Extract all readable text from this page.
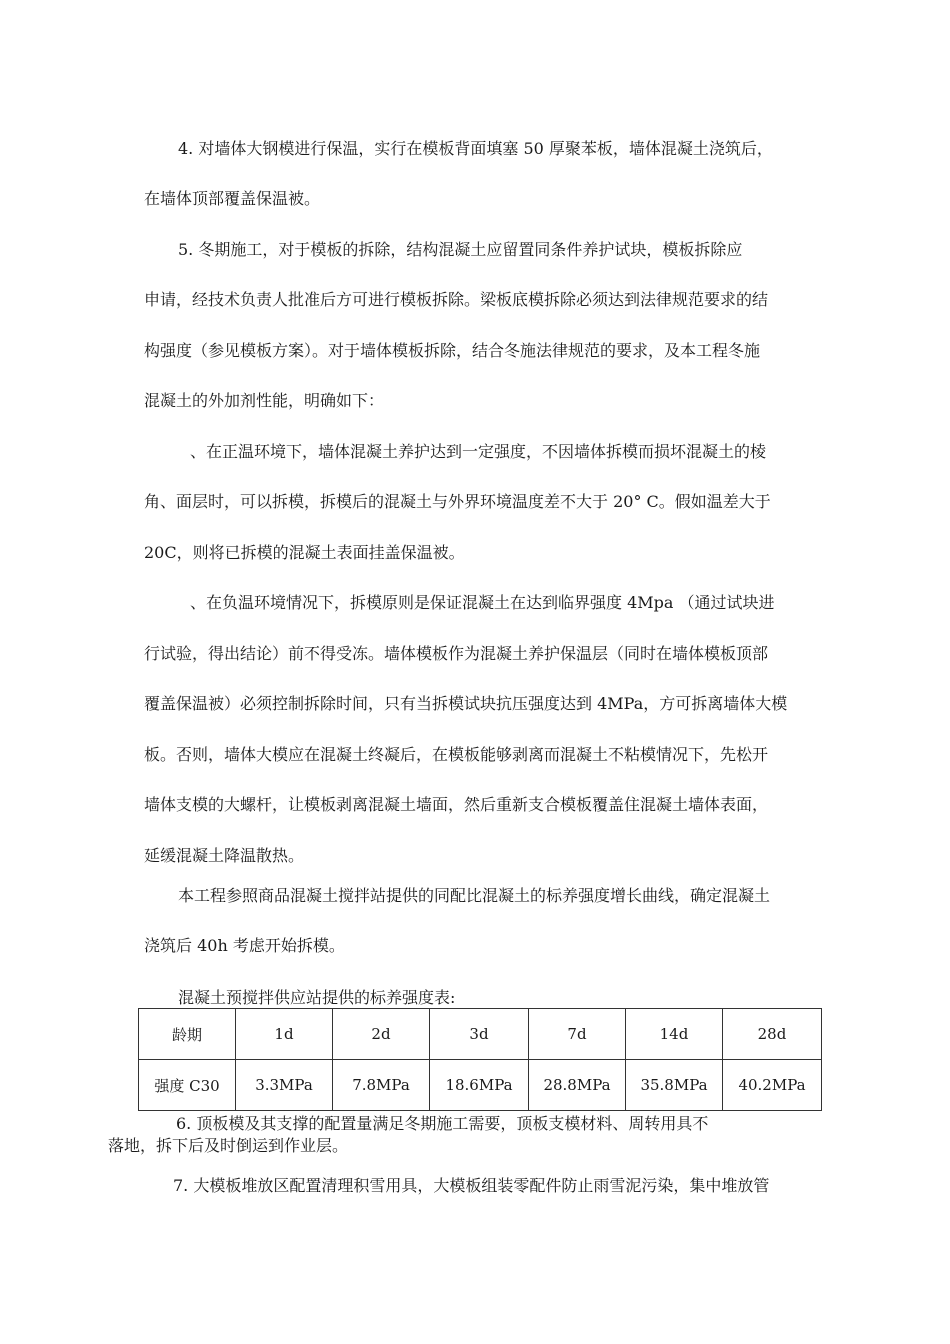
4. 对墙体大钢模进行保温，实行在模板背面填塞 50 厚聚苯板，墙体混凝土浇筑后，
在墙体顶部覆盖保温被。
5. 冬期施工，对于模板的拆除，结构混凝土应留置同条件养护试块，模板拆除应
申请，经技术负责人批准后方可进行模板拆除。梁板底模拆除必须达到法律规范要求的结
构强度（参见模板方案）。对于墙体模板拆除，结合冬施法律规范的要求，及本工程冬施
混凝土的外加剂性能，明确如下：
、在正温环境下，墙体混凝土养护达到一定强度，不因墙体拆模而损坏混凝土的棱
角、面层时，可以拆模，拆模后的混凝土与外界环境温度差不大于 20° C。假如温差大于
20C，则将已拆模的混凝土表面挂盖保温被。
、在负温环境情况下，拆模原则是保证混凝土在达到临界强度 4Mpa （通过试块进
行试验，得出结论）前不得受冻。墙体模板作为混凝土养护保温层（同时在墙体模板顶部
覆盖保温被）必须控制拆除时间，只有当拆模试块抗压强度达到 4MPa，方可拆离墙体大模
板。否则，墙体大模应在混凝土终凝后，在模板能够剥离而混凝土不粘模情况下，先松开
墙体支模的大螺杆，让模板剥离混凝土墙面，然后重新支合模板覆盖住混凝土墙体表面，
延缓混凝土降温散热。
本工程参照商品混凝土搅拌站提供的同配比混凝土的标养强度增长曲线，确定混凝土
浇筑后 40h 考虑开始拆模。
混凝土预搅拌供应站提供的标养强度表:
龄期	1d	2d	3d	7d	14d	28d
强度 C30	3.3MPa	7.8MPa	18.6MPa	28.8MPa	35.8MPa	40.2MPa
6. 顶板模及其支撑的配置量满足冬期施工需要，顶板支模材料、周转用具不
落地，拆下后及时倒运到作业层。
7. 大模板堆放区配置清理积雪用具，大模板组装零配件防止雨雪泥污染，集中堆放管
